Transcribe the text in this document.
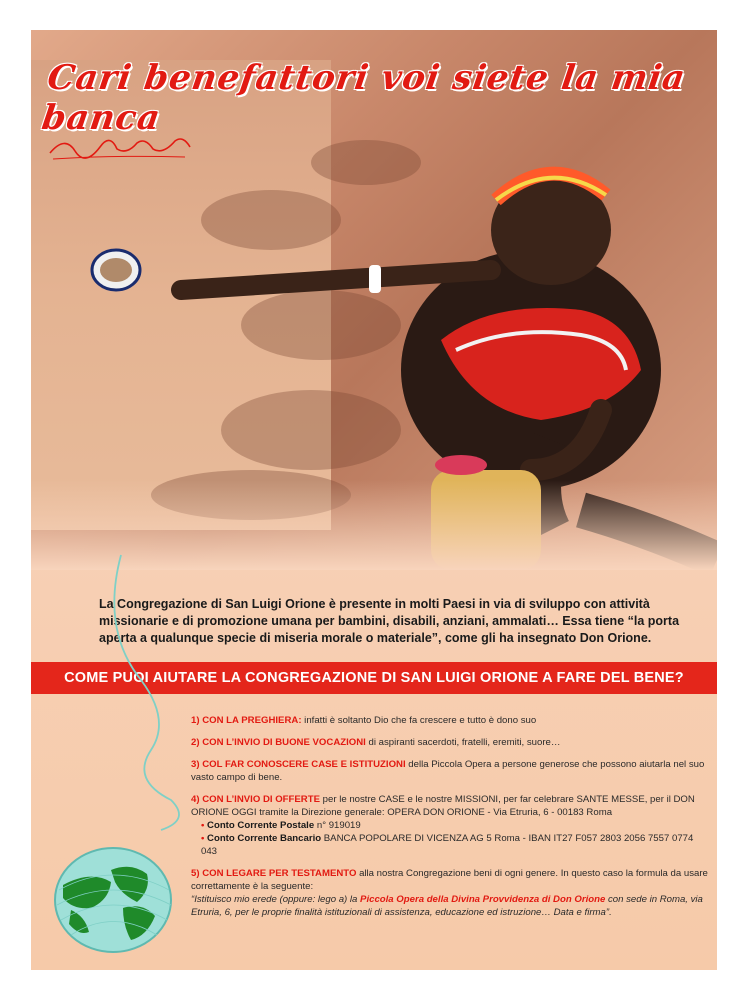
Cari benefattori voi siete la mia banca

La Congregazione di San Luigi Orione è presente in molti Paesi in via di sviluppo con attività missionarie e di promozione umana per bambini, disabili, anziani, ammalati… Essa tiene “la porta aperta a qualunque specie di miseria morale o materiale”, come gli ha insegnato Don Orione.

COME PUOI AIUTARE LA CONGREGAZIONE DI SAN LUIGI ORIONE A FARE DEL BENE?
1) CON LA PREGHIERA: infatti è soltanto Dio che fa crescere e tutto è dono suo
2) CON L’INVIO DI BUONE VOCAZIONI di aspiranti sacerdoti, fratelli, eremiti, suore…
3) COL FAR CONOSCERE CASE E ISTITUZIONI della Piccola Opera a persone generose che possono aiutarla nel suo vasto campo di bene.
4) CON L’INVIO DI OFFERTE per le nostre CASE e le nostre MISSIONI, per far celebrare SANTE MESSE, per il DON ORIONE OGGI tramite la Direzione generale: OPERA DON ORIONE - Via Etruria, 6 - 00183 Roma
• Conto Corrente Postale n° 919019
• Conto Corrente Bancario BANCA POPOLARE DI VICENZA AG 5 Roma - IBAN IT27 F057 2803 2056 7557 0774 043
5) CON LEGARE PER TESTAMENTO alla nostra Congregazione beni di ogni genere. In questo caso la formula da usare correttamente è la seguente:
“Istituisco mio erede (oppure: lego a) la Piccola Opera della Divina Provvidenza di Don Orione con sede in Roma, via Etruria, 6, per le proprie finalità istituzionali di assistenza, educazione ed istruzione… Data e firma”.
